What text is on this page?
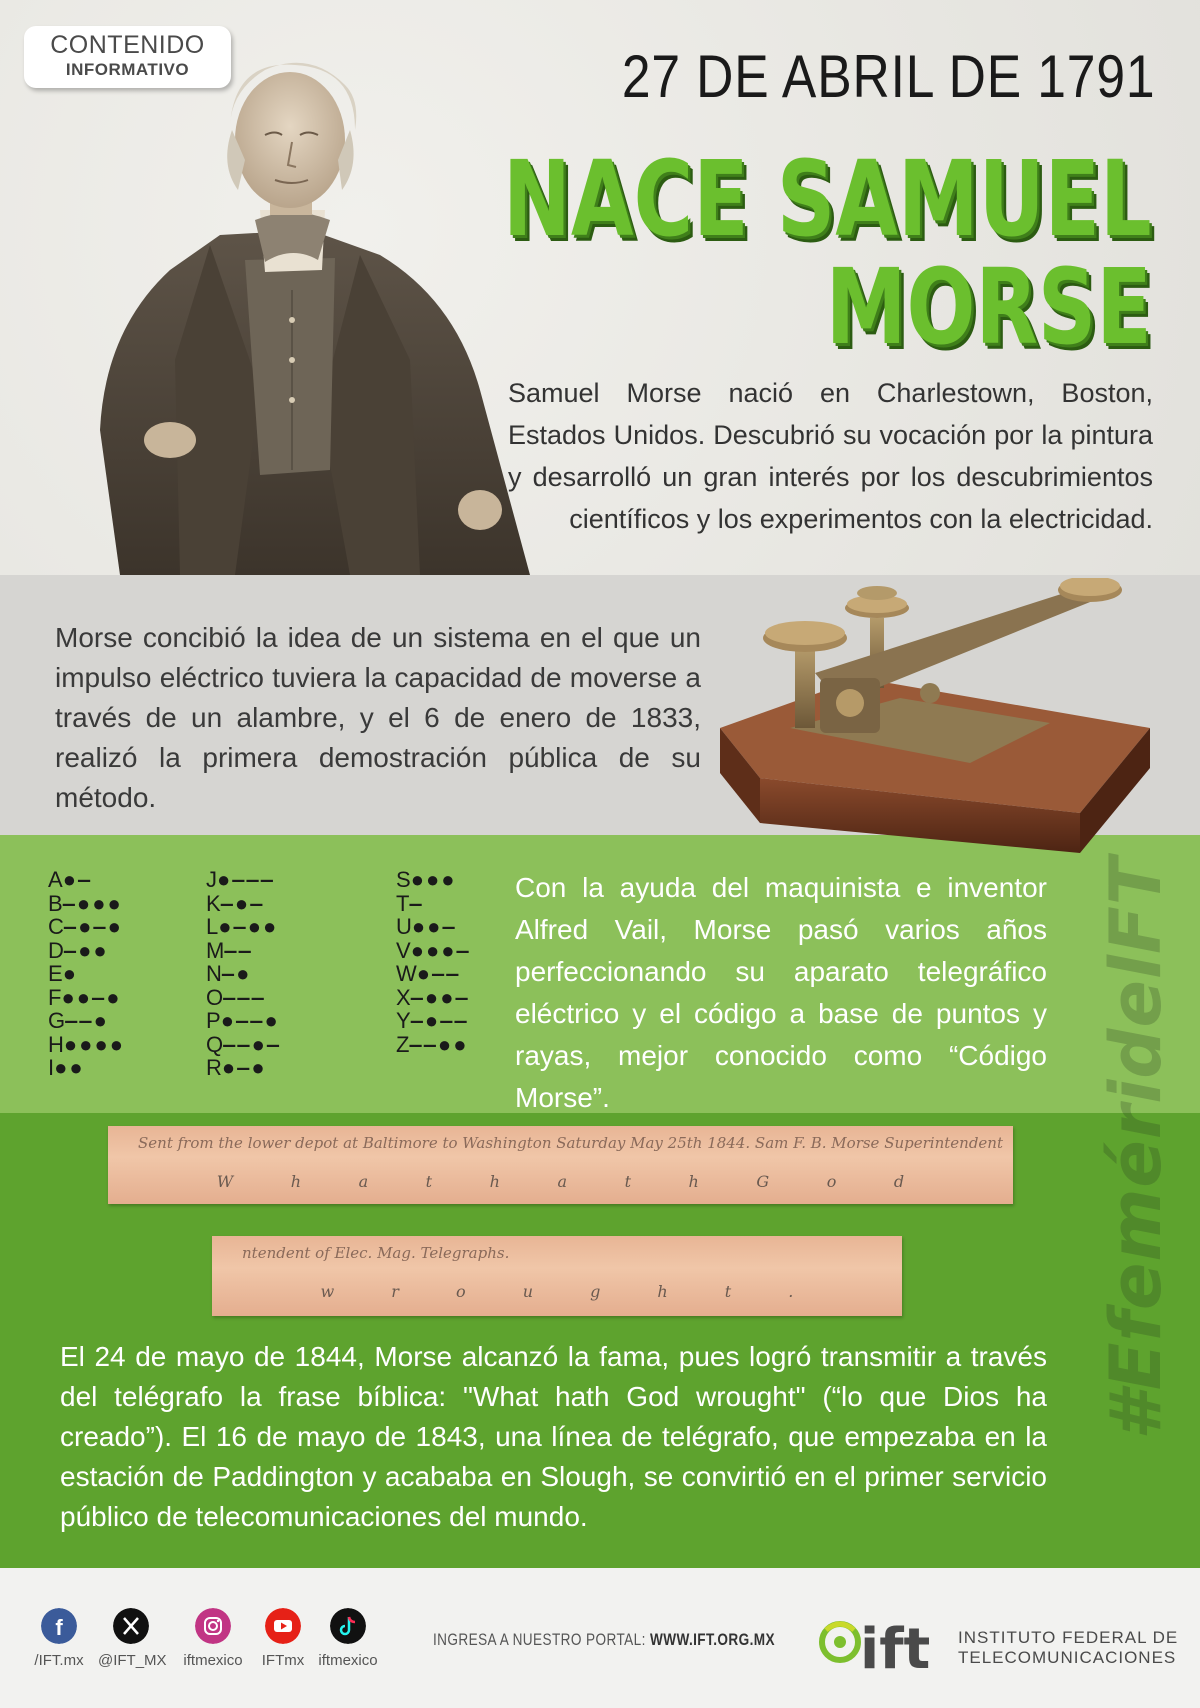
CONTENIDO
INFORMATIVO	27 DE ABRIL DE 1791
NACE SAMUEL
MORSE

Samuel Morse nació en Charlestown, Boston, Estados Unidos. Descubrió su vocación por la pintura y desarrolló un gran interés por los descubrimientos científicos y los experimentos con la electricidad.

Morse concibió la idea de un sistema en el que un impulso eléctrico tuviera la capacidad de moverse a través de un alambre, y el 6 de enero de 1833, realizó la primera demostración pública de su método.

A●‒
B‒●●●
C‒●‒●
D‒●●
E●
F●●‒●
G‒‒●
H●●●●
I●●
J●‒‒‒
K‒●‒
L●‒●●
M‒‒
N‒●
O‒‒‒
P●‒‒●
Q‒‒●‒
R●‒●
S●●●
T‒
U●●‒
V●●●‒
W●‒‒
X‒●●‒
Y‒●‒‒
Z‒‒●●

Con la ayuda del maquinista e inventor Alfred Vail, Morse pasó varios años perfeccionando su aparato telegráfico eléctrico y el código a base de puntos y rayas, mejor conocido como “Código Morse”.

Sent from the lower depot at Baltimore to Washington Saturday May 25th 1844. Sam F. B. Morse Superintendent
W	h	a	t	h	a	t	h	G	o	d
ntendent of Elec. Mag. Telegraphs.
w	r	o	u	g	h	t	.

El 24 de mayo de 1844, Morse alcanzó la fama, pues logró transmitir a través del telégrafo la frase bíblica: "What hath God wrought" (“lo que Dios ha creado”). El 16 de mayo de 1843, una línea de telégrafo, que empezaba en la estación de Paddington y acababa en Slough, se convirtió en el primer servicio público de telecomunicaciones del mundo.

#EfeméridelFT
f
/IFT.mx @IFT_MX iftmexico	IFTmx iftmexico
INGRESA A NUESTRO PORTAL: WWW.IFT.ORG.MX ift INSTITUTO FEDERAL DE
TELECOMUNICACIONES
